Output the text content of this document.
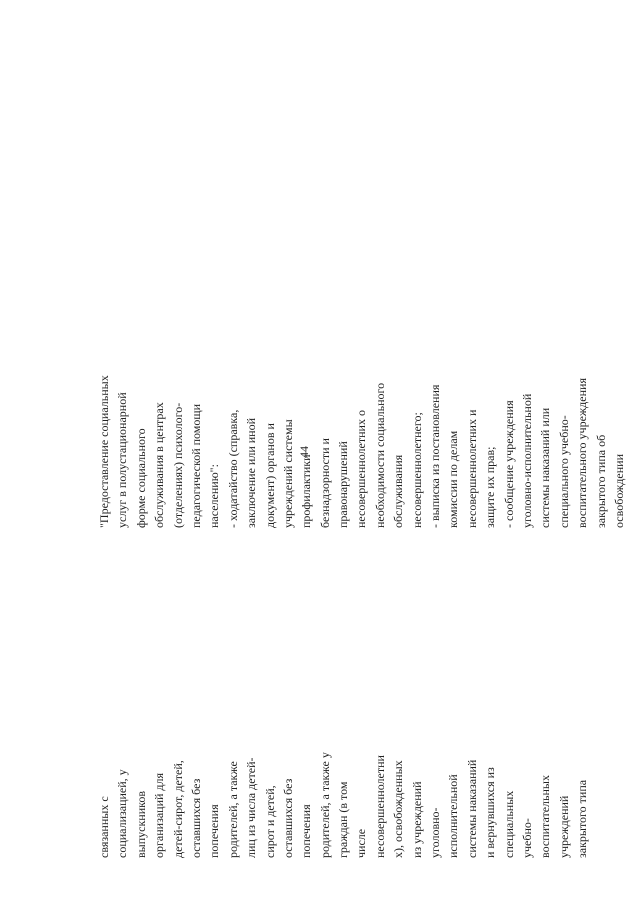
44
связанных с социализацией, у выпускников организаций для детей-сирот, детей, оставшихся без попечения родителей, а также лиц из числа детей- сирот и детей, оставшихся без попечения родителей, а также у граждан (в том числе несовершеннолетни х), освобожденных из учреждений уголовно- исполнительной системы наказаний и вернувшихся из специальных учебно- воспитательных учреждений закрытого типа
"Предоставление социальных услуг в полустационарной форме социального обслуживания в центрах (отделениях) психолого- педагогической помощи населению": - ходатайство (справка, заключение или иной документ) органов и учреждений системы профилактики безнадзорности и правонарушений несовершеннолетних о необходимости социального обслуживания несовершеннолетнего; - выписка из постановления комиссии по делам несовершеннолетних и защите их прав; - сообщение учреждения уголовно-исполнительной системы наказаний или специального учебно- воспитательного учреждения закрытого типа об освобождении
